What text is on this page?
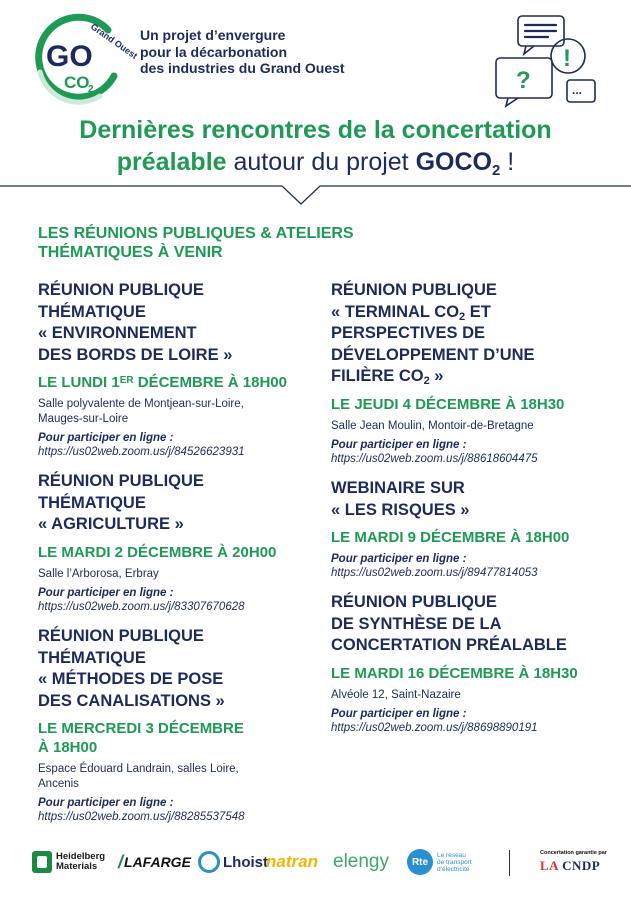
Grand Ouest
GO
CO
2
Un projet d’envergure
pour la décarbonation
des industries du Grand Ouest	!
?	...
Dernières rencontres de la concertation
préalable autour du projet $GOCO_2$ !
LES RÉUNIONS PUBLIQUES & ATELIERS
THÉMATIQUES À VENIR
RÉUNION PUBLIQUE
THÉMATIQUE
« ENVIRONNEMENT
DES BORDS DE LOIRE »
LE LUNDI 1ER DÉCEMBRE À 18H00
Salle polyvalente de Montjean-sur-Loire,
Mauges-sur-Loire
Pour participer en ligne :
https://us02web.zoom.us/j/84526623931
RÉUNION PUBLIQUE
THÉMATIQUE
« AGRICULTURE »
LE MARDI 2 DÉCEMBRE À 20H00
Salle l’Arborosa, Erbray
Pour participer en ligne :
https://us02web.zoom.us/j/83307670628
RÉUNION PUBLIQUE
THÉMATIQUE
« MÉTHODES DE POSE
DES CANALISATIONS »
LE MERCREDI 3 DÉCEMBRE
À 18H00
Espace Édouard Landrain, salles Loire,
Ancenis
Pour participer en ligne :
https://us02web.zoom.us/j/88285537548
RÉUNION PUBLIQUE
« TERMINAL $CO_2$ ET
PERSPECTIVES DE
DÉVELOPPEMENT D’UNE
FILIÈRE $CO_2$ »
LE JEUDI 4 DÉCEMBRE À 18H30
Salle Jean Moulin, Montoir-de-Bretagne
Pour participer en ligne :
https://us02web.zoom.us/j/88618604475
WEBINAIRE SUR
« LES RISQUES »
LE MARDI 9 DÉCEMBRE À 18H00
Pour participer en ligne :
https://us02web.zoom.us/j/89477814053
RÉUNION PUBLIQUE
DE SYNTHÈSE DE LA
CONCERTATION PRÉALABLE
LE MARDI 16 DÉCEMBRE À 18H30
Alvéole 12, Saint-Nazaire
Pour participer en ligne :
https://us02web.zoom.us/j/88698890191
Heidelberg
Materials	/ LAFARGE Lhoist
natran elengy	Rte
Le réseau
de transport
d’électricité
Concertation garantie par
LA CNDP
